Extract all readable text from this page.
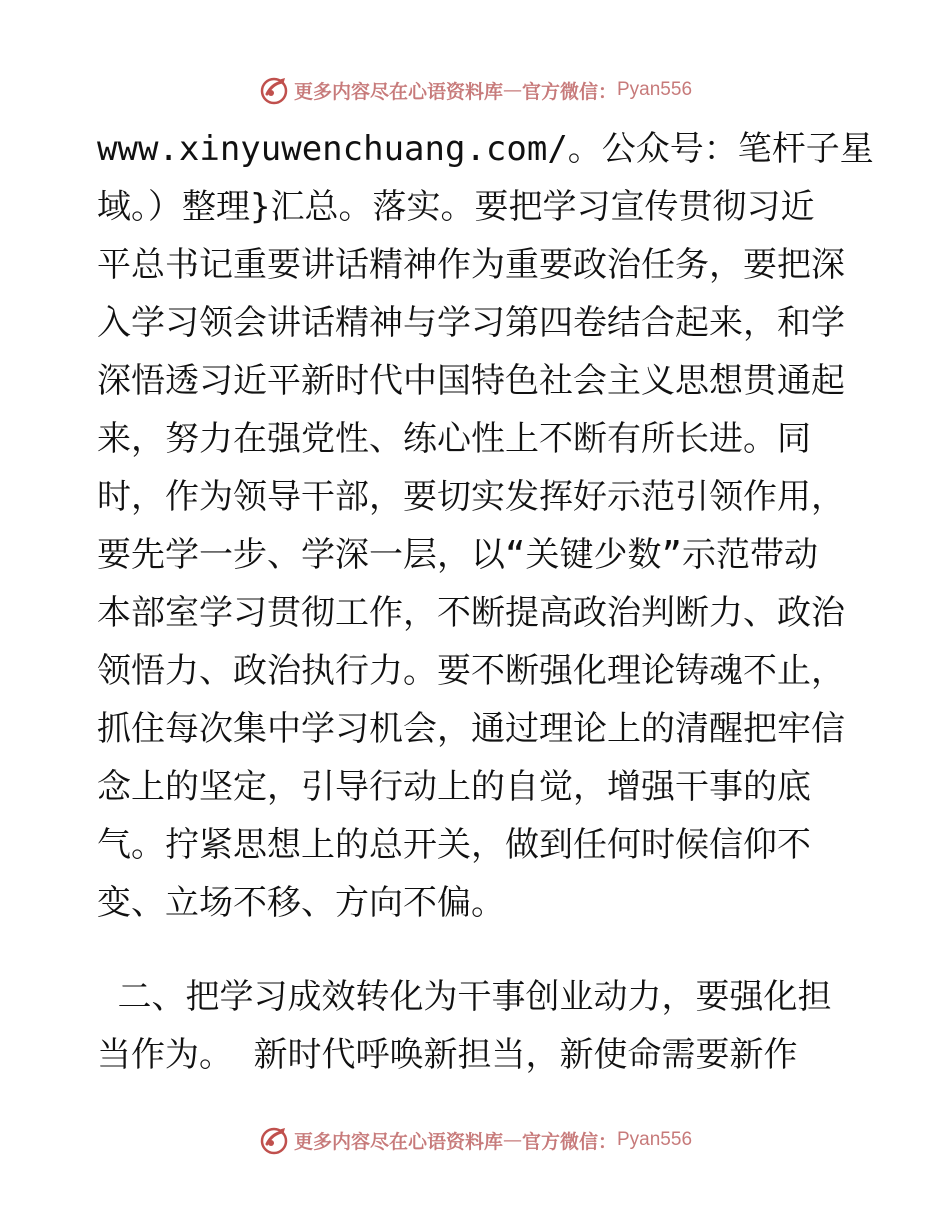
更多内容尽在心语资料库 — 官方微信： Pyan556
www.xinyuwenchuang.com/。公众号：笔杆子星
域。）整理}汇总。落实。要把学习宣传贯彻习近
平总书记重要讲话精神作为重要政治任务，要把深
入学习领会讲话精神与学习第四卷结合起来，和学
深悟透习近平新时代中国特色社会主义思想贯通起
来，努力在强党性、练心性上不断有所长进。同
时，作为领导干部，要切实发挥好示范引领作用，
要先学一步、学深一层，以“关键少数”示范带动
本部室学习贯彻工作，不断提高政治判断力、政治
领悟力、政治执行力。要不断强化理论铸魂不止，
抓住每次集中学习机会，通过理论上的清醒把牢信
念上的坚定，引导行动上的自觉，增强干事的底
气。拧紧思想上的总开关，做到任何时候信仰不
变、立场不移、方向不偏。
二、把学习成效转化为干事创业动力，要强化担
当作为。 新时代呼唤新担当，新使命需要新作
更多内容尽在心语资料库 — 官方微信： Pyan556
